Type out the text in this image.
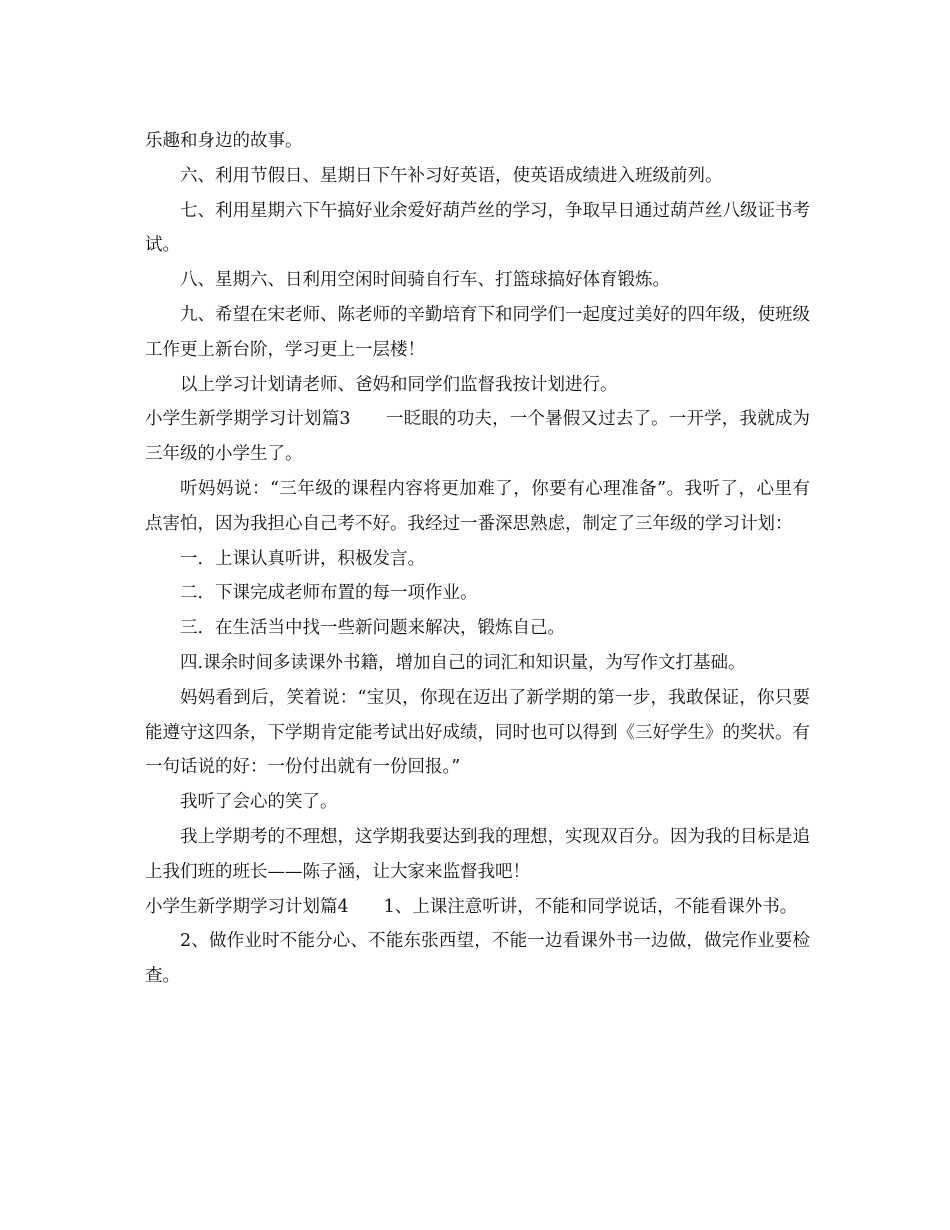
乐趣和身边的故事。

六、利用节假日、星期日下午补习好英语，使英语成绩进入班级前列。

七、利用星期六下午搞好业余爱好葫芦丝的学习，争取早日通过葫芦丝八级证书考试。

八、星期六、日利用空闲时间骑自行车、打篮球搞好体育锻炼。

九、希望在宋老师、陈老师的辛勤培育下和同学们一起度过美好的四年级，使班级工作更上新台阶，学习更上一层楼！

以上学习计划请老师、爸妈和同学们监督我按计划进行。

小学生新学期学习计划篇3　　一眨眼的功夫，一个暑假又过去了。一开学，我就成为三年级的小学生了。

听妈妈说：“三年级的课程内容将更加难了，你要有心理准备”。我听了，心里有点害怕，因为我担心自己考不好。我经过一番深思熟虑，制定了三年级的学习计划：

一．上课认真听讲，积极发言。

二．下课完成老师布置的每一项作业。

三．在生活当中找一些新问题来解决，锻炼自己。

四.课余时间多读课外书籍，增加自己的词汇和知识量，为写作文打基础。

妈妈看到后，笑着说：“宝贝，你现在迈出了新学期的第一步，我敢保证，你只要能遵守这四条，下学期肯定能考试出好成绩，同时也可以得到《三好学生》的奖状。有一句话说的好：一份付出就有一份回报。”

我听了会心的笑了。

我上学期考的不理想，这学期我要达到我的理想，实现双百分。因为我的目标是追上我们班的班长——陈子涵，让大家来监督我吧！

小学生新学期学习计划篇4　　1、上课注意听讲，不能和同学说话，不能看课外书。

2、做作业时不能分心、不能东张西望，不能一边看课外书一边做，做完作业要检查。
